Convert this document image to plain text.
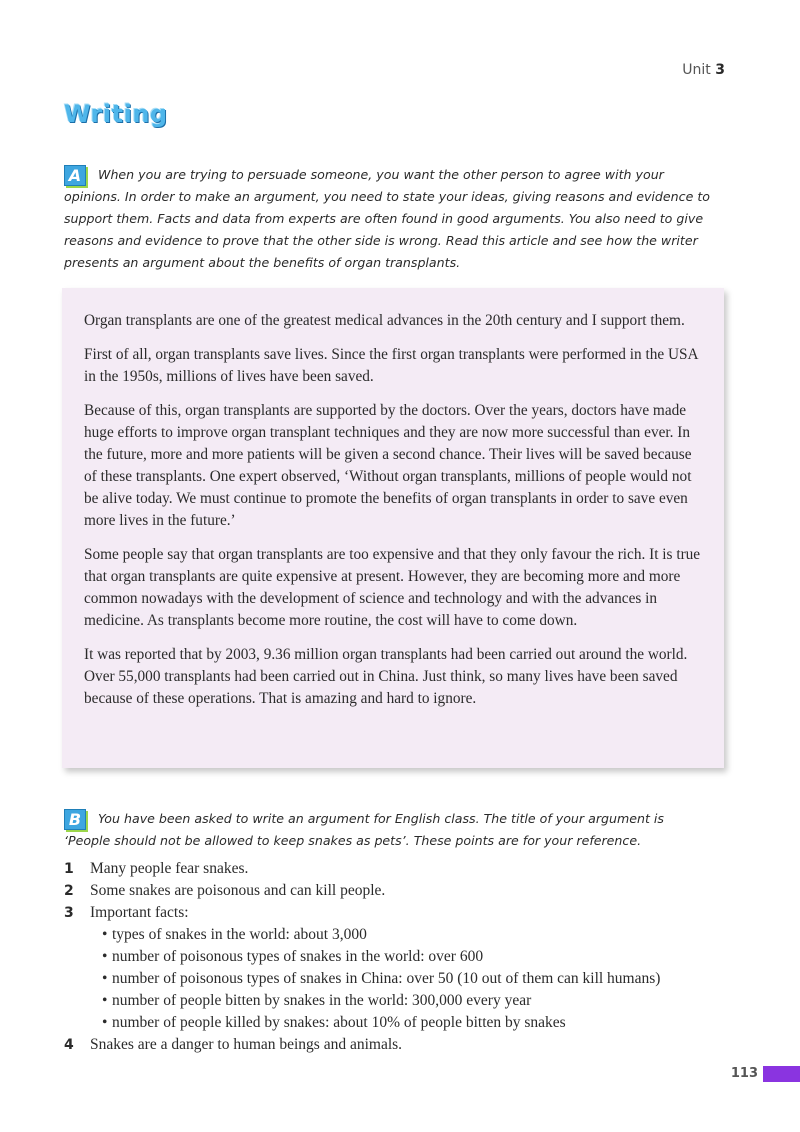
Unit 3
Writing
A When you are trying to persuade someone, you want the other person to agree with your opinions. In order to make an argument, you need to state your ideas, giving reasons and evidence to support them. Facts and data from experts are often found in good arguments. You also need to give reasons and evidence to prove that the other side is wrong. Read this article and see how the writer presents an argument about the benefits of organ transplants.

Organ transplants are one of the greatest medical advances in the 20th century and I support them.

First of all, organ transplants save lives. Since the first organ transplants were performed in the USA in the 1950s, millions of lives have been saved.

Because of this, organ transplants are supported by the doctors. Over the years, doctors have made huge efforts to improve organ transplant techniques and they are now more successful than ever. In the future, more and more patients will be given a second chance. Their lives will be saved because of these transplants. One expert observed, ‘Without organ transplants, millions of people would not be alive today. We must continue to promote the benefits of organ transplants in order to save even more lives in the future.’

Some people say that organ transplants are too expensive and that they only favour the rich. It is true that organ transplants are quite expensive at present. However, they are becoming more and more common nowadays with the development of science and technology and with the advances in medicine. As transplants become more routine, the cost will have to come down.

It was reported that by 2003, 9.36 million organ transplants had been carried out around the world. Over 55,000 transplants had been carried out in China. Just think, so many lives have been saved because of these operations. That is amazing and hard to ignore.

B You have been asked to write an argument for English class. The title of your argument is ‘People should not be allowed to keep snakes as pets’. These points are for your reference.
1 Many people fear snakes.
2 Some snakes are poisonous and can kill people.
3 Important facts:
• types of snakes in the world: about 3,000
• number of poisonous types of snakes in the world: over 600
• number of poisonous types of snakes in China: over 50 (10 out of them can kill humans)
• number of people bitten by snakes in the world: 300,000 every year
• number of people killed by snakes: about 10% of people bitten by snakes
4 Snakes are a danger to human beings and animals.
113
